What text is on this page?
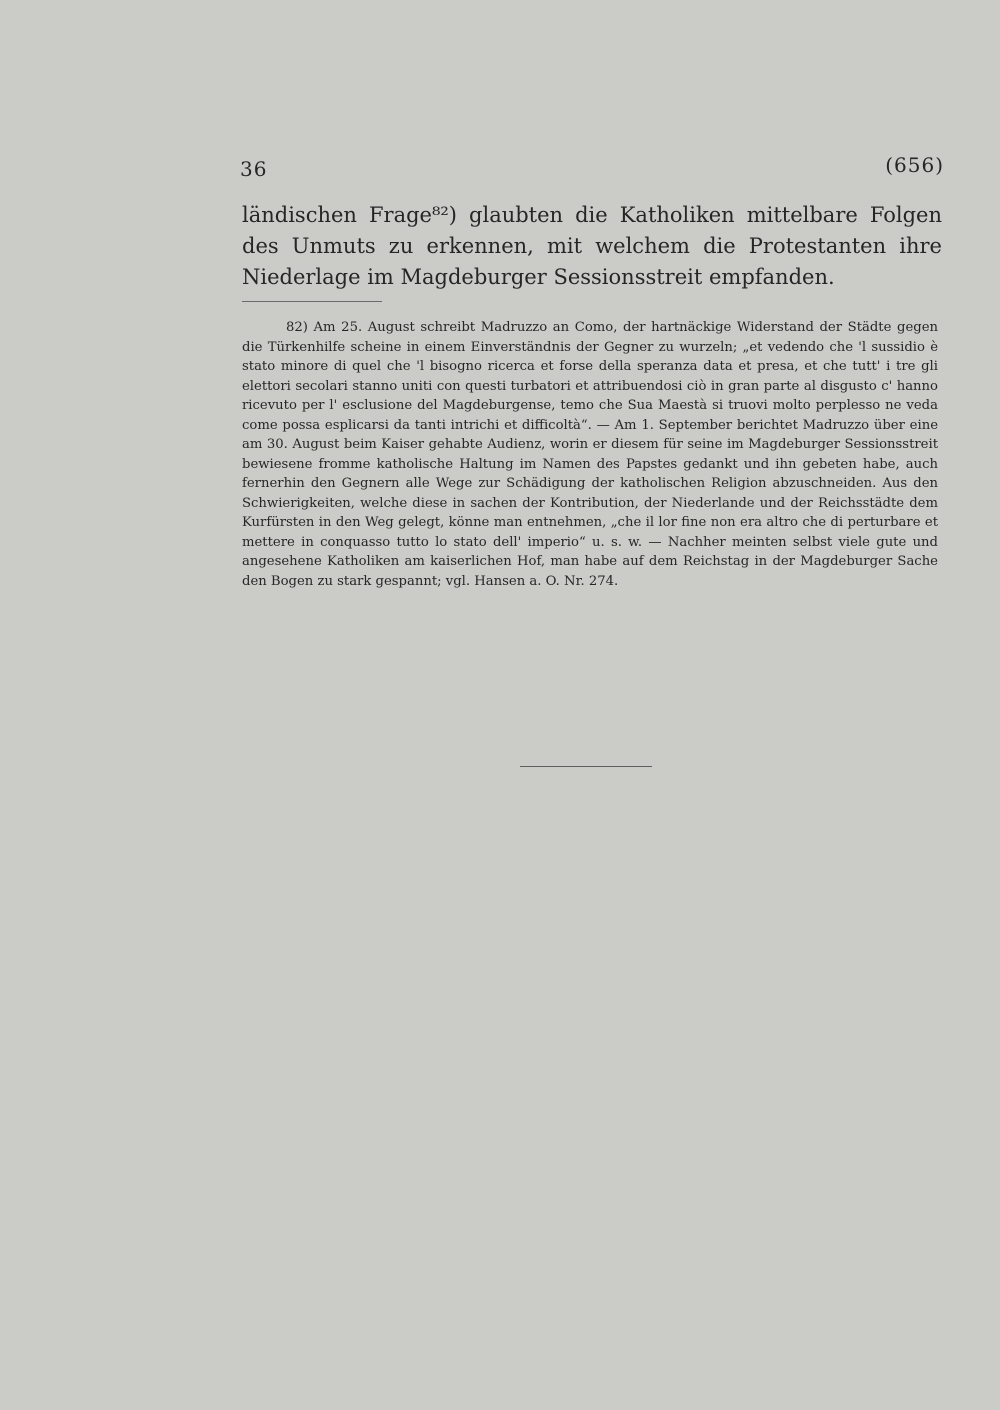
36	(656)

ländischen Frage⁸²) glaubten die Katholiken mittelbare Folgen des Unmuts zu erkennen, mit welchem die Protestanten ihre Niederlage im Magdeburger Sessionsstreit empfanden.

82) Am 25. August schreibt Madruzzo an Como, der hartnäckige Widerstand der Städte gegen die Türkenhilfe scheine in einem Einverständnis der Gegner zu wurzeln; „et vedendo che 'l sussidio è stato minore di quel che 'l bisogno ricerca et forse della speranza data et presa, et che tutt' i tre gli elettori secolari stanno uniti con questi turbatori et attribuendosi ciò in gran parte al disgusto c' hanno ricevuto per l' esclusione del Magdeburgense, temo che Sua Maestà si truovi molto perplesso ne veda come possa esplicarsi da tanti intrichi et difficoltà“. — Am 1. September berichtet Madruzzo über eine am 30. August beim Kaiser gehabte Audienz, worin er diesem für seine im Magdeburger Sessionsstreit bewiesene fromme katholische Haltung im Namen des Papstes gedankt und ihn gebeten habe, auch fernerhin den Gegnern alle Wege zur Schädigung der katholischen Religion abzuschneiden. Aus den Schwierigkeiten, welche diese in sachen der Kontribution, der Niederlande und der Reichsstädte dem Kurfürsten in den Weg gelegt, könne man entnehmen, „che il lor fine non era altro che di perturbare et mettere in conquasso tutto lo stato dell' imperio“ u. s. w. — Nachher meinten selbst viele gute und angesehene Katholiken am kaiserlichen Hof, man habe auf dem Reichstag in der Magdeburger Sache den Bogen zu stark gespannt; vgl. Hansen a. O. Nr. 274.
